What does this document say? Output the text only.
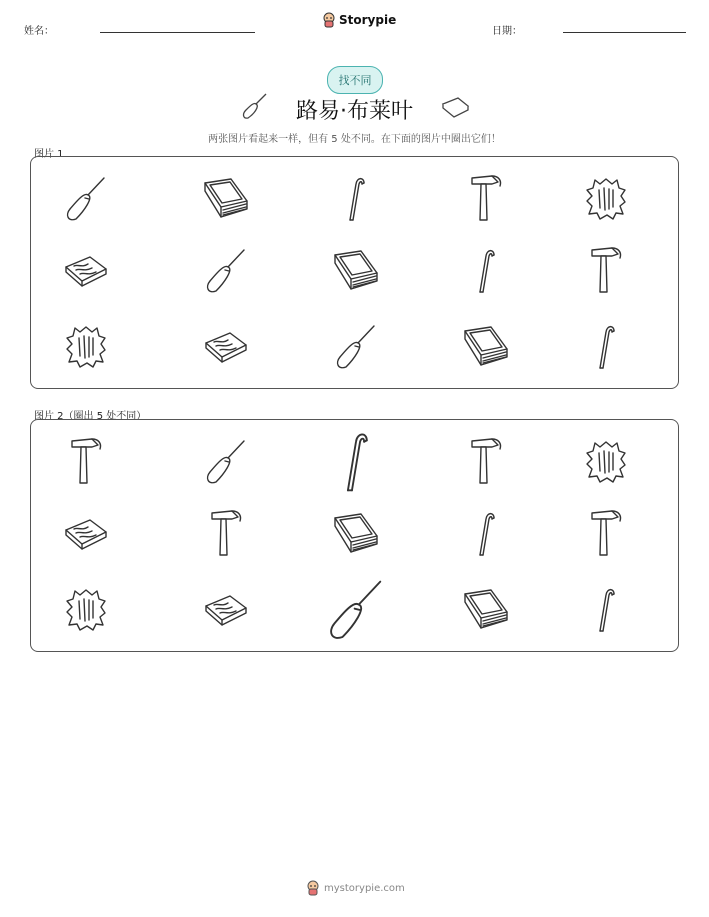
姓名：
Storypie
日期：
找不同
路易·布莱叶
两张图片看起来一样，但有 5 处不同。在下面的图片中圈出它们！
图片 1
图片 2（圈出 5 处不同）
mystorypie.com
